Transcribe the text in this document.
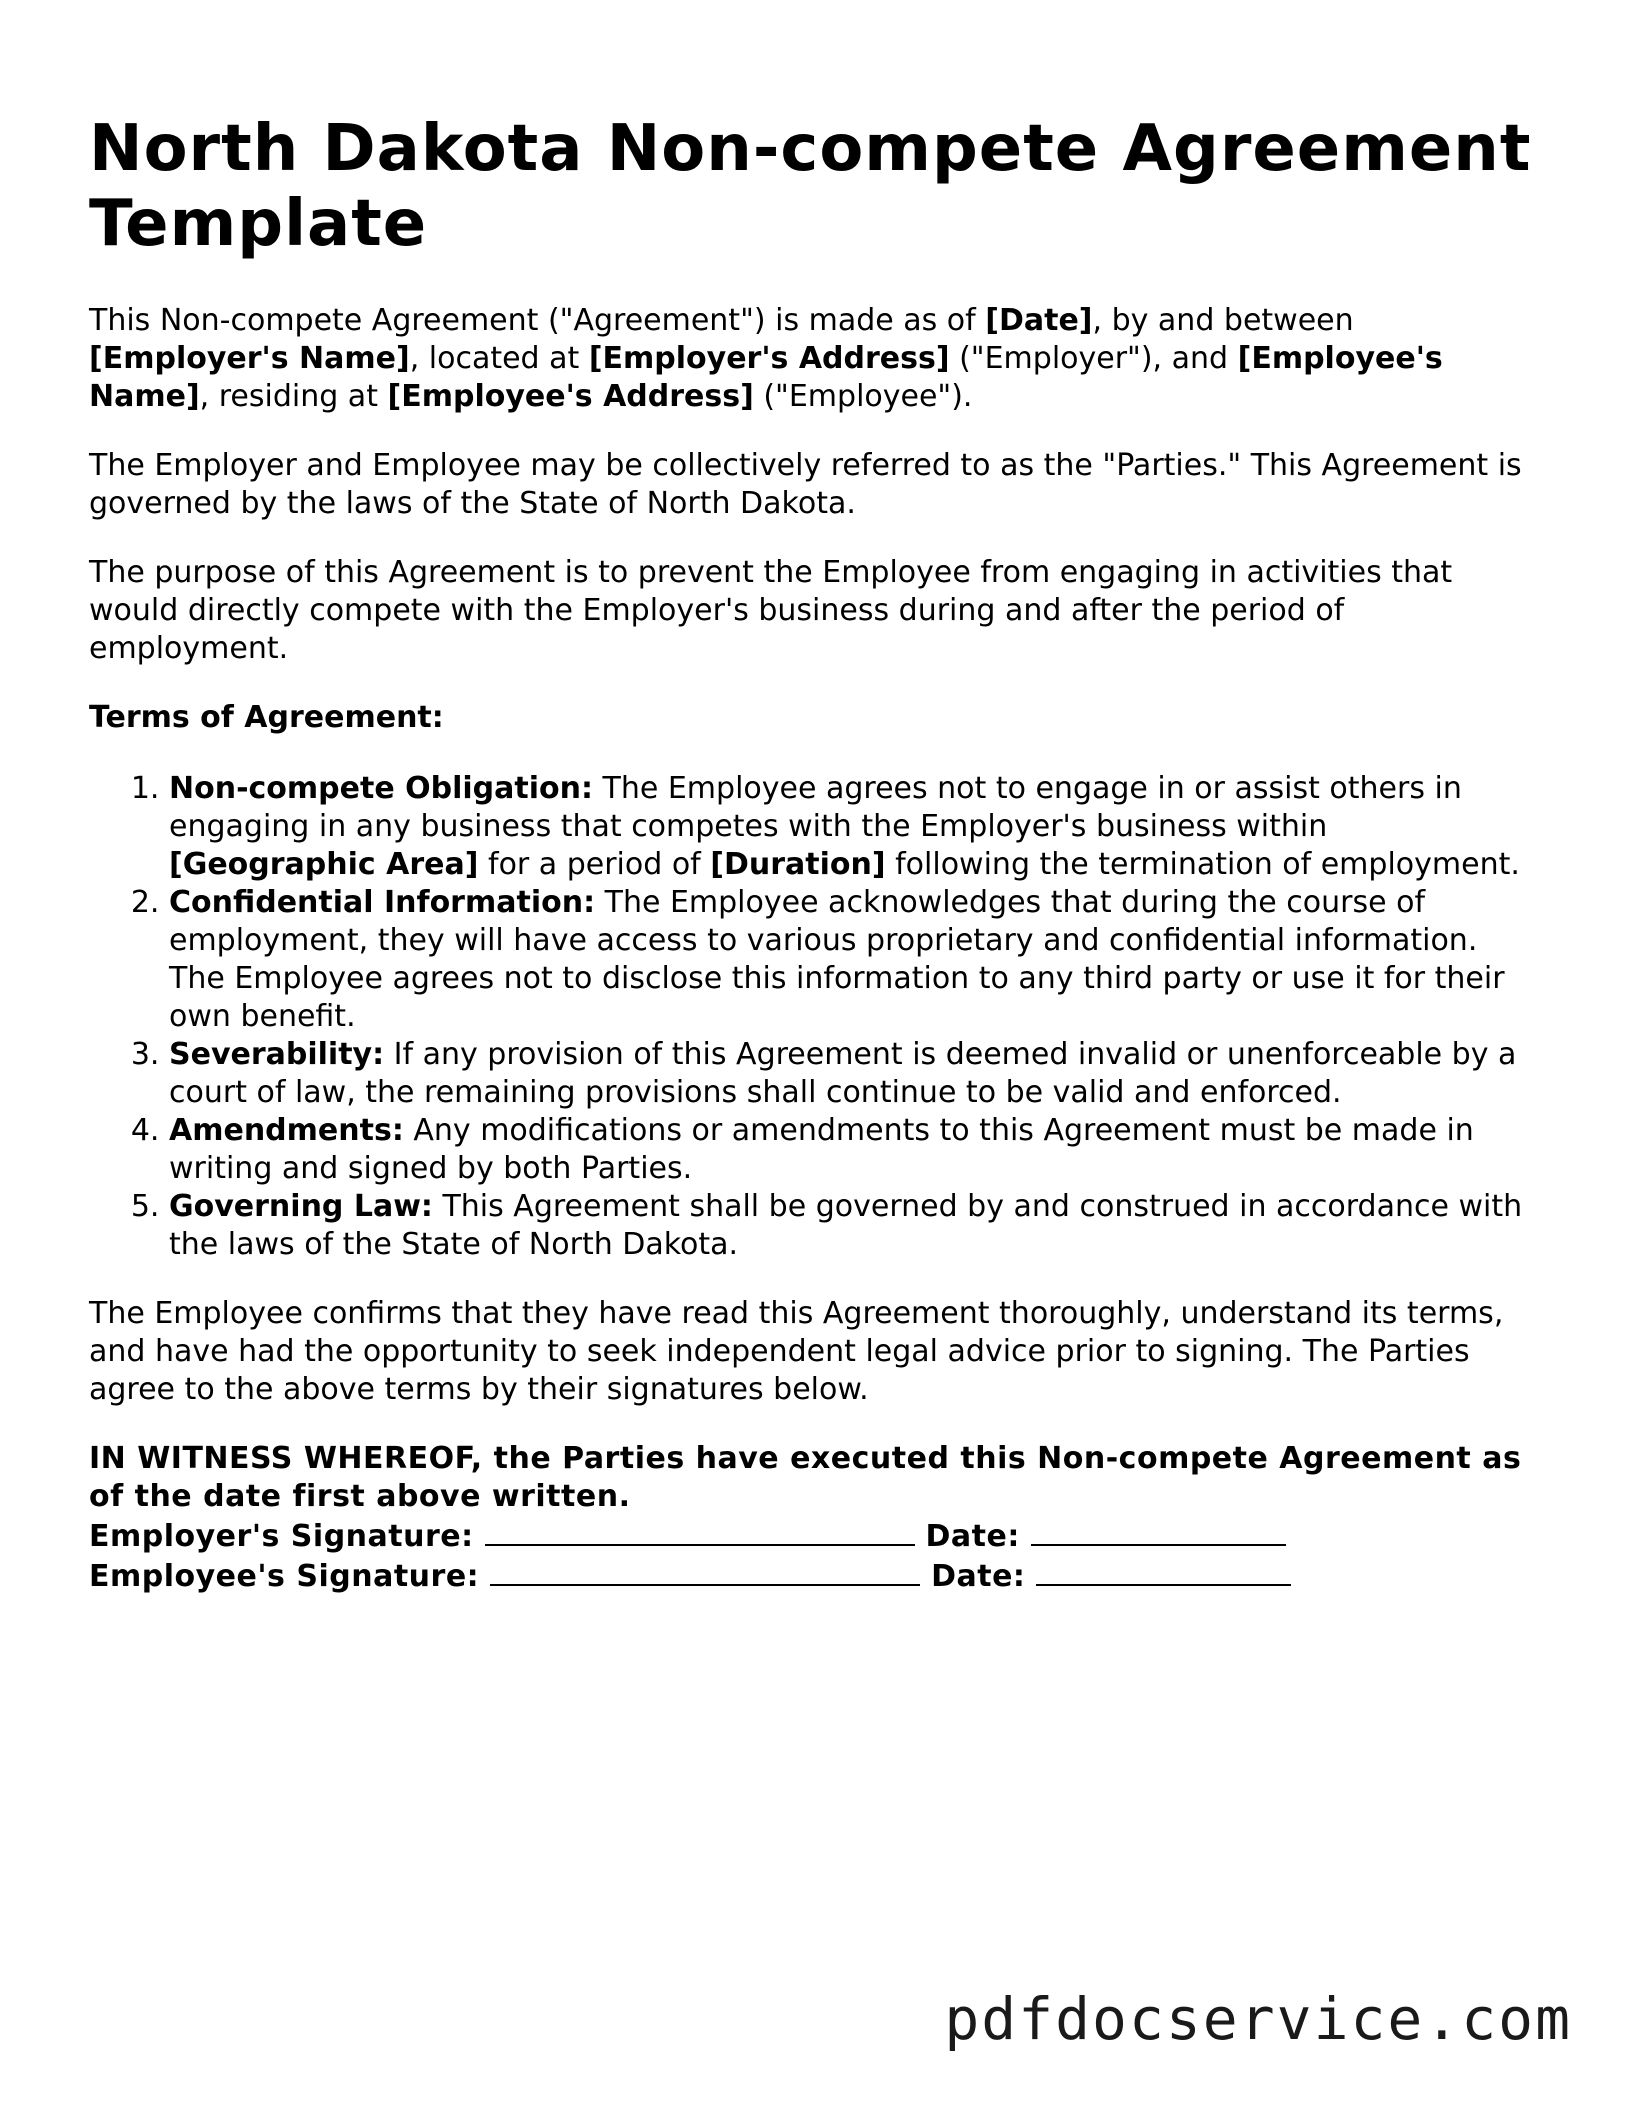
North Dakota Non-compete Agreement Template

This Non-compete Agreement ("Agreement") is made as of [Date], by and between [Employer's Name], located at [Employer's Address] ("Employer"), and [Employee's Name], residing at [Employee's Address] ("Employee").

The Employer and Employee may be collectively referred to as the "Parties." This Agreement is governed by the laws of the State of North Dakota.

The purpose of this Agreement is to prevent the Employee from engaging in activities that would directly compete with the Employer's business during and after the period of employment.

Terms of Agreement:

1. Non-compete Obligation: The Employee agrees not to engage in or assist others in engaging in any business that competes with the Employer's business within [Geographic Area] for a period of [Duration] following the termination of employment.
2. Confidential Information: The Employee acknowledges that during the course of employment, they will have access to various proprietary and confidential information. The Employee agrees not to disclose this information to any third party or use it for their own benefit.
3. Severability: If any provision of this Agreement is deemed invalid or unenforceable by a court of law, the remaining provisions shall continue to be valid and enforced.
4. Amendments: Any modifications or amendments to this Agreement must be made in writing and signed by both Parties.
5. Governing Law: This Agreement shall be governed by and construed in accordance with the laws of the State of North Dakota.

The Employee confirms that they have read this Agreement thoroughly, understand its terms, and have had the opportunity to seek independent legal advice prior to signing. The Parties agree to the above terms by their signatures below.

IN WITNESS WHEREOF, the Parties have executed this Non-compete Agreement as of the date first above written.

Employer's Signature:	Date:

Employee's Signature:	Date:

pdfdocservice.com
